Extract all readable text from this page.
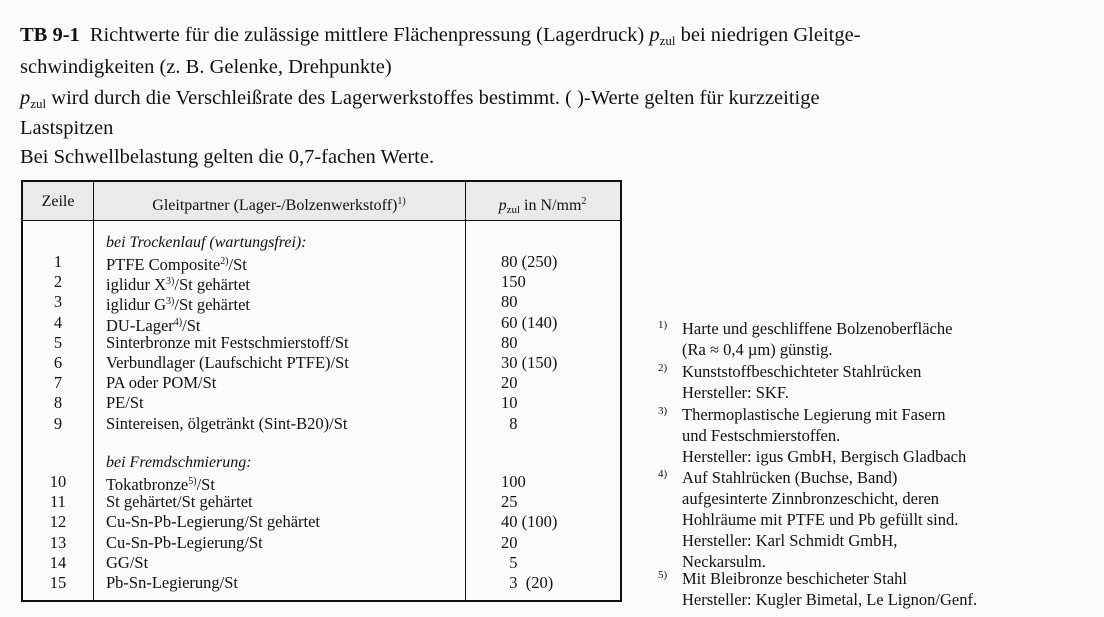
TB 9-1 Richtwerte für die zulässige mittlere Flächenpressung (Lagerdruck) $p_{zul}$ bei niedrigen Gleitge-
schwindigkeiten (z. B. Gelenke, Drehpunkte)
$p_{zul}$ wird durch die Verschleißrate des Lagerwerkstoffes bestimmt. ( )-Werte gelten für kurzzeitige
Lastspitzen
Bei Schwellbelastung gelten die 0,7-fachen Werte.
Zeile	Gleitpartner (Lager-/Bolzenwerkstoff)$^{1)}$	$p_{zul}$ in $N/mm^2$
bei Trockenlauf (wartungsfrei):
bei Fremdschmierung:
1	PTFE Composite$^{2)}$/St	80 (250)
2	iglidur $X^{3)}/St$ gehärtet	150
3	iglidur $G^{3)}/St$ gehärtet	80
4	DU-Lager$^{4)}$/St	60 (140)
5	Sinterbronze mit Festschmierstoff/St	80
6	Verbundlager (Laufschicht PTFE)/St	30 (150)
7	PA oder POM/St	20
8	PE/St	10
9	Sintereisen, ölgetränkt (Sint-B20)/St	8
10	Tokatbronze$^{5)}$/St	100
11	St gehärtet/St gehärtet	25
12	Cu-Sn-Pb-Legierung/St gehärtet	40 (100)
13	Cu-Sn-Pb-Legierung/St	20
14	GG/St	5
15	Pb-Sn-Legierung/St	3  (20)
1) Harte und geschliffene Bolzenoberfläche
(Ra ≈ 0,4 µm) günstig.
2) Kunststoffbeschichteter Stahlrücken
Hersteller: SKF.
3) Thermoplastische Legierung mit Fasern
und Festschmierstoffen.
Hersteller: igus GmbH, Bergisch Gladbach
4) Auf Stahlrücken (Buchse, Band)
aufgesinterte Zinnbronzeschicht, deren
Hohlräume mit PTFE und Pb gefüllt sind.
Hersteller: Karl Schmidt GmbH,
Neckarsulm.
5) Mit Bleibronze beschicheter Stahl
Hersteller: Kugler Bimetal, Le Lignon/Genf.
